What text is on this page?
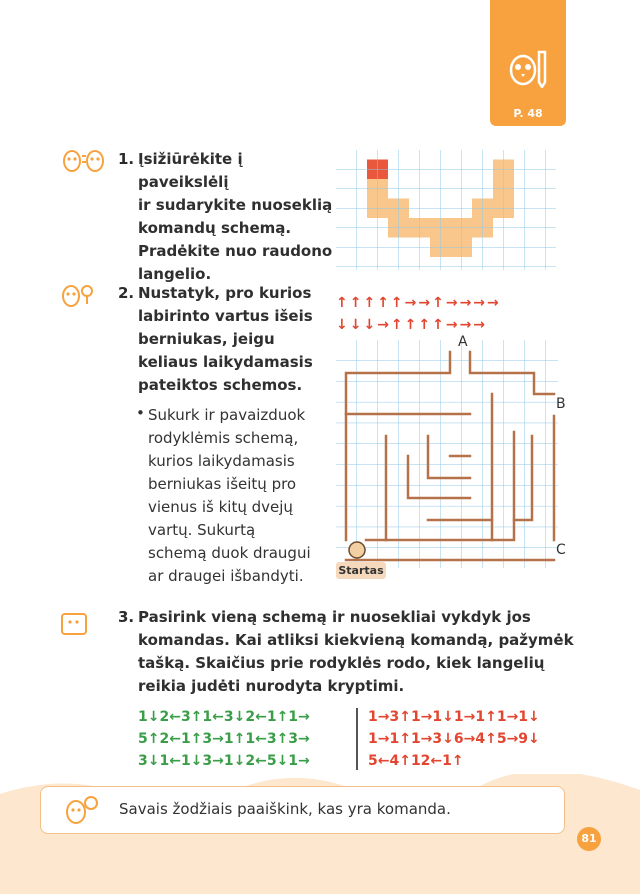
P. 48
1. Įsižiūrėkite į paveikslėlį
ir sudarykite nuoseklią
komandų schemą.
Pradėkite nuo raudono
langelio.
2. Nustatyk, pro kurios
labirinto vartus išeis
berniukas, jeigu
keliaus laikydamasis
pateiktos schemos.
• Sukurk ir pavaizduok
rodyklėmis schemą,
kurios laikydamasis
berniukas išeitų pro
vienus iš kitų dvejų
vartų. Sukurtą
schemą duok draugui
ar draugei išbandyti.
↑↑↑↑↑→→↑→→→→
↓↓↓→↑↑↑↑→→→
A
B
C
Startas
3. Pasirink vieną schemą ir nuosekliai vykdyk jos
komandas. Kai atliksi kiekvieną komandą, pažymėk
tašką. Skaičius prie rodyklės rodo, kiek langelių
reikia judėti nurodyta kryptimi.
1↓2←3↑1←3↓2←1↑1→
5↑2←1↑3→1↑1←3↑3→
3↓1←1↓3→1↓2←5↓1→
1→3↑1→1↓1→1↑1→1↓
1→1↑1→3↓6→4↑5→9↓
5←4↑12←1↑
Savais žodžiais paaiškink, kas yra komanda.
81
